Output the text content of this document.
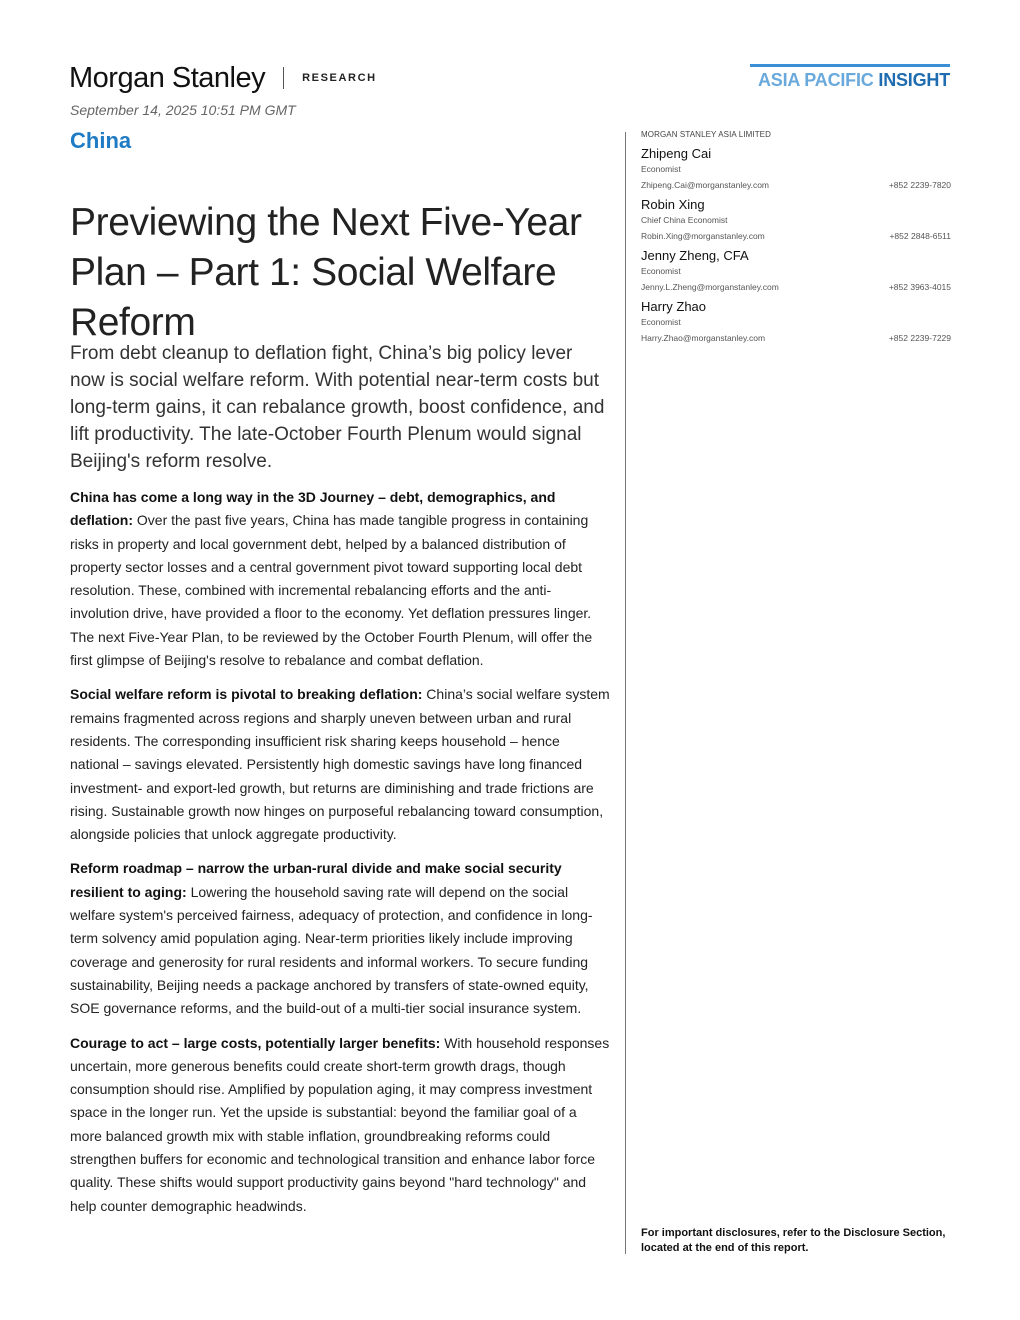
Morgan Stanley	RESEARCH	ASIA PACIFIC INSIGHT
September 14, 2025 10:51 PM GMT
China
Previewing the Next Five-Year Plan – Part 1: Social Welfare Reform
From debt cleanup to deflation fight, China’s big policy lever now is social welfare reform. With potential near-term costs but long-term gains, it can rebalance growth, boost confidence, and lift productivity. The late-October Fourth Plenum would signal Beijing's reform resolve.

China has come a long way in the 3D Journey – debt, demographics, and deflation: Over the past five years, China has made tangible progress in containing risks in property and local government debt, helped by a balanced distribution of property sector losses and a central government pivot toward supporting local debt resolution. These, combined with incremental rebalancing efforts and the anti-involution drive, have provided a floor to the economy. Yet deflation pressures linger. The next Five-Year Plan, to be reviewed by the October Fourth Plenum, will offer the first glimpse of Beijing's resolve to rebalance and combat deflation.

Social welfare reform is pivotal to breaking deflation: China’s social welfare system remains fragmented across regions and sharply uneven between urban and rural residents. The corresponding insufficient risk sharing keeps household – hence national – savings elevated. Persistently high domestic savings have long financed investment- and export-led growth, but returns are diminishing and trade frictions are rising. Sustainable growth now hinges on purposeful rebalancing toward consumption, alongside policies that unlock aggregate productivity.

Reform roadmap – narrow the urban-rural divide and make social security resilient to aging: Lowering the household saving rate will depend on the social welfare system's perceived fairness, adequacy of protection, and confidence in long-term solvency amid population aging. Near-term priorities likely include improving coverage and generosity for rural residents and informal workers. To secure funding sustainability, Beijing needs a package anchored by transfers of state-owned equity, SOE governance reforms, and the build-out of a multi-tier social insurance system.

Courage to act – large costs, potentially larger benefits: With household responses uncertain, more generous benefits could create short-term growth drags, though consumption should rise. Amplified by population aging, it may compress investment space in the longer run. Yet the upside is substantial: beyond the familiar goal of a more balanced growth mix with stable inflation, groundbreaking reforms could strengthen buffers for economic and technological transition and enhance labor force quality. These shifts would support productivity gains beyond "hard technology" and help counter demographic headwinds.

MORGAN STANLEY ASIA LIMITED
Zhipeng Cai
Economist
Zhipeng.Cai@morganstanley.com	+852 2239-7820
Robin Xing
Chief China Economist
Robin.Xing@morganstanley.com	+852 2848-6511
Jenny Zheng, CFA
Economist
Jenny.L.Zheng@morganstanley.com	+852 3963-4015
Harry Zhao
Economist
Harry.Zhao@morganstanley.com	+852 2239-7229
For important disclosures, refer to the Disclosure Section, located at the end of this report.
